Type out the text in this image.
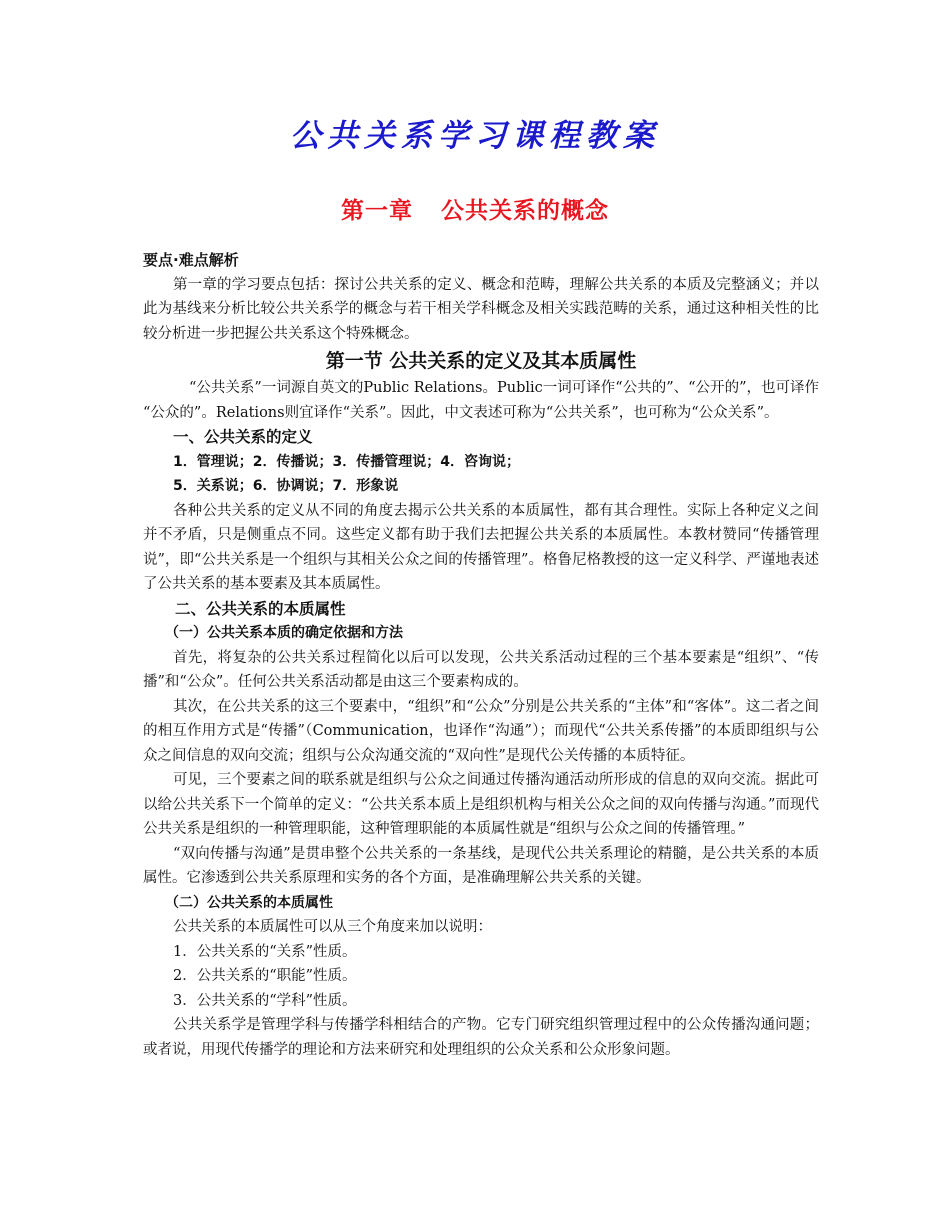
公共关系学习课程教案
第一章 公共关系的概念

要点·难点解析

第一章的学习要点包括：探讨公共关系的定义、概念和范畴，理解公共关系的本质及完整涵义；并以此为基线来分析比较公共关系学的概念与若干相关学科概念及相关实践范畴的关系，通过这种相关性的比较分析进一步把握公共关系这个特殊概念。

第一节 公共关系的定义及其本质属性

“公共关系”一词源自英文的Public Relations。Public一词可译作“公共的”、“公开的”，也可译作 “公众的”。Relations则宜译作“关系”。因此，中文表述可称为“公共关系”，也可称为“公众关系”。

一、公共关系的定义

1．管理说；2．传播说；3．传播管理说；4．咨询说；

5．关系说；6．协调说；7．形象说

各种公共关系的定义从不同的角度去揭示公共关系的本质属性，都有其合理性。实际上各种定义之间并不矛盾，只是侧重点不同。这些定义都有助于我们去把握公共关系的本质属性。本教材赞同“传播管理说”，即“公共关系是一个组织与其相关公众之间的传播管理”。格鲁尼格教授的这一定义科学、严谨地表述了公共关系的基本要素及其本质属性。

二、公共关系的本质属性

（一）公共关系本质的确定依据和方法

首先，将复杂的公共关系过程简化以后可以发现，公共关系活动过程的三个基本要素是“组织”、“传播”和“公众”。任何公共关系活动都是由这三个要素构成的。

其次，在公共关系的这三个要素中，“组织”和“公众”分别是公共关系的“主体”和“客体”。这二者之间的相互作用方式是“传播”（Communication，也译作“沟通”）；而现代“公共关系传播”的本质即组织与公众之间信息的双向交流；组织与公众沟通交流的“双向性”是现代公关传播的本质特征。

可见，三个要素之间的联系就是组织与公众之间通过传播沟通活动所形成的信息的双向交流。据此可以给公共关系下一个简单的定义：“公共关系本质上是组织机构与相关公众之间的双向传播与沟通。”而现代公共关系是组织的一种管理职能，这种管理职能的本质属性就是“组织与公众之间的传播管理。”

“双向传播与沟通”是贯串整个公共关系的一条基线，是现代公共关系理论的精髓，是公共关系的本质属性。它渗透到公共关系原理和实务的各个方面，是准确理解公共关系的关键。

（二）公共关系的本质属性

公共关系的本质属性可以从三个角度来加以说明：

1．公共关系的“关系”性质。

2．公共关系的“职能”性质。

3．公共关系的“学科”性质。

公共关系学是管理学科与传播学科相结合的产物。它专门研究组织管理过程中的公众传播沟通问题；或者说，用现代传播学的理论和方法来研究和处理组织的公众关系和公众形象问题。
